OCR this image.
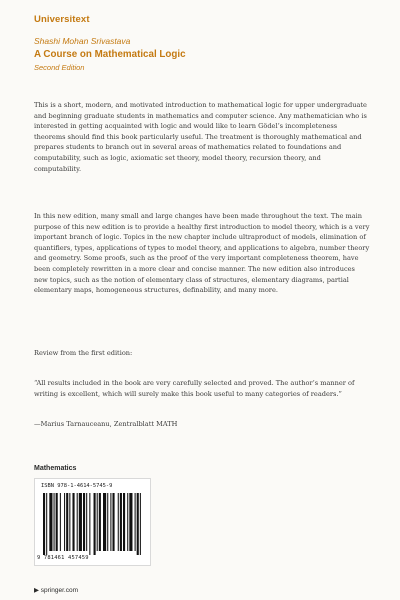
Universitext
Shashi Mohan Srivastava
A Course on Mathematical Logic
Second Edition

This is a short, modern, and motivated introduction to mathematical logic for upper undergraduate and beginning graduate students in mathematics and computer science. Any mathematician who is interested in getting acquainted with logic and would like to learn Gödel’s incompleteness theorems should find this book particularly useful. The treatment is thoroughly mathematical and prepares students to branch out in several areas of mathematics related to foundations and computability, such as logic, axiomatic set theory, model theory, recursion theory, and computability.

In this new edition, many small and large changes have been made throughout the text. The main purpose of this new edition is to provide a healthy first introduction to model theory, which is a very important branch of logic. Topics in the new chapter include ultraproduct of models, elimination of quantifiers, types, applications of types to model theory, and applications to algebra, number theory and geometry. Some proofs, such as the proof of the very important completeness theorem, have been completely rewritten in a more clear and concise manner. The new edition also introduces new topics, such as the notion of elementary class of structures, elementary diagrams, partial elementary maps, homogeneous structures, definability, and many more.

Review from the first edition:

“All results included in the book are very carefully selected and proved. The author’s manner of writing is excellent, which will surely make this book useful to many categories of readers.”

—Marius Tarnauceanu, Zentralblatt MATH

Mathematics
ISBN 978-1-4614-5745-9
9 781461 457459
▶ springer.com
